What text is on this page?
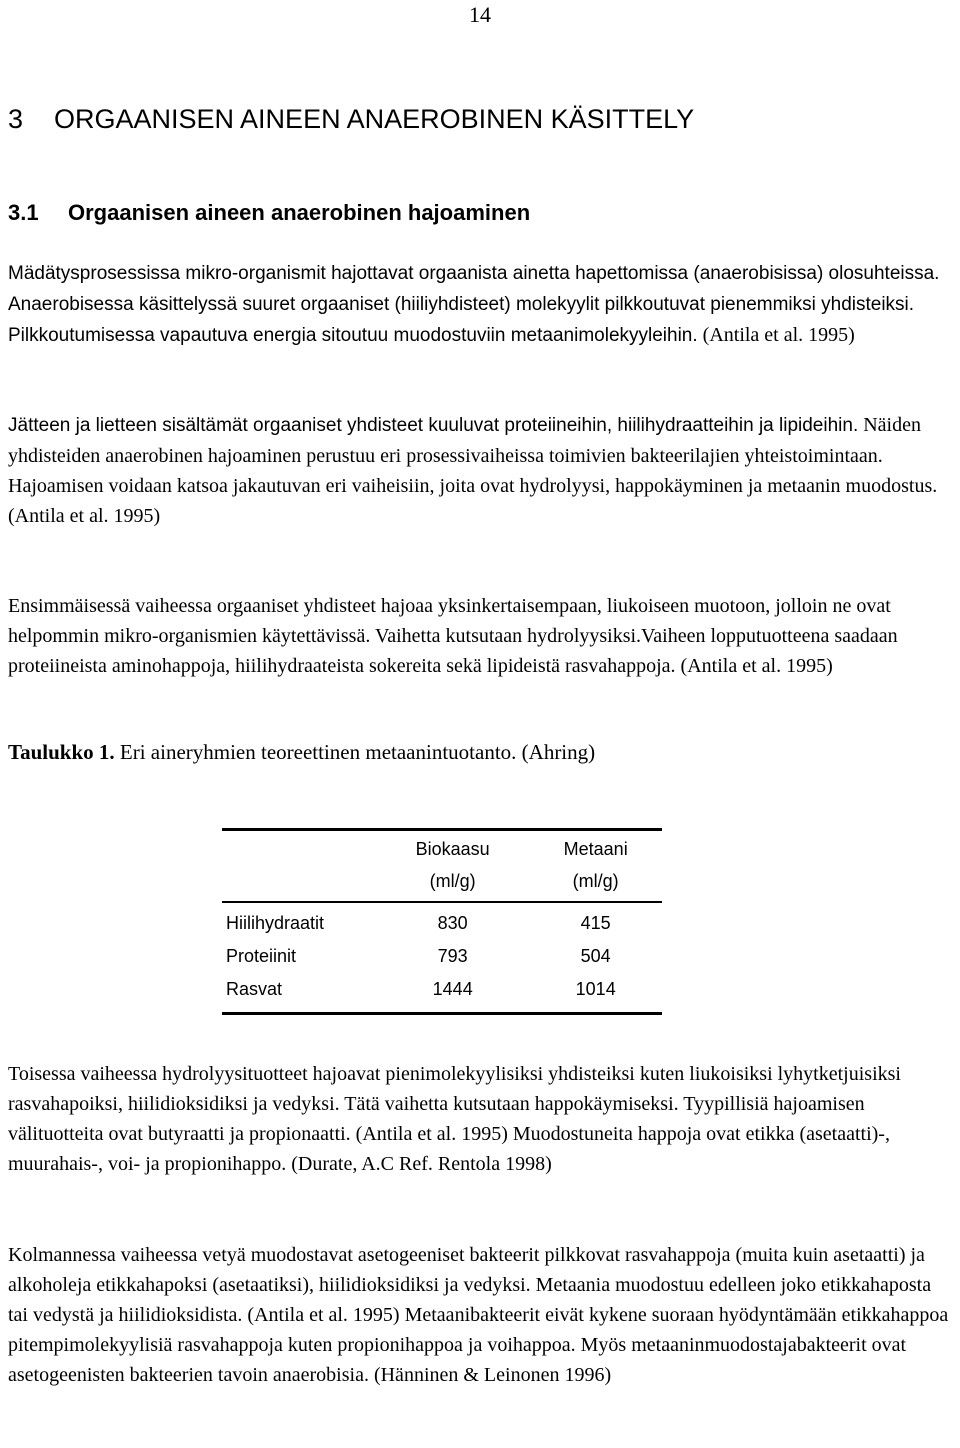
14
3 ORGAANISEN AINEEN ANAEROBINEN KÄSITTELY
3.1 Orgaanisen aineen anaerobinen hajoaminen

Mädätysprosessissa mikro-organismit hajottavat orgaanista ainetta hapettomissa (anaerobisissa) olosuhteissa. Anaerobisessa käsittelyssä suuret orgaaniset (hiiliyhdisteet) molekyylit pilkkoutuvat pienemmiksi yhdisteiksi. Pilkkoutumisessa vapautuva energia sitoutuu muodostuviin metaanimolekyyleihin. (Antila et al. 1995)

Jätteen ja lietteen sisältämät orgaaniset yhdisteet kuuluvat proteiineihin, hiilihydraatteihin ja lipideihin. Näiden yhdisteiden anaerobinen hajoaminen perustuu eri prosessivaiheissa toimivien bakteerilajien yhteistoimintaan. Hajoamisen voidaan katsoa jakautuvan eri vaiheisiin, joita ovat hydrolyysi, happokäyminen ja metaanin muodostus. (Antila et al. 1995)

Ensimmäisessä vaiheessa orgaaniset yhdisteet hajoaa yksinkertaisempaan, liukoiseen muotoon, jolloin ne ovat helpommin mikro-organismien käytettävissä. Vaihetta kutsutaan hydrolyysiksi.Vaiheen lopputuotteena saadaan proteiineista aminohappoja, hiilihydraateista sokereita sekä lipideistä rasvahappoja. (Antila et al. 1995)

Taulukko 1. Eri aineryhmien teoreettinen metaanintuotanto. (Ahring)
	Biokaasu	Metaani
	(ml/g)	(ml/g)
Hiilihydraatit	830	415
Proteiinit	793	504
Rasvat	1444	1014

Toisessa vaiheessa hydrolyysituotteet hajoavat pienimolekyylisiksi yhdisteiksi kuten liukoisiksi lyhytketjuisiksi rasvahapoiksi, hiilidioksidiksi ja vedyksi. Tätä vaihetta kutsutaan happokäymiseksi. Tyypillisiä hajoamisen välituotteita ovat butyraatti ja propionaatti. (Antila et al. 1995) Muodostuneita happoja ovat etikka (asetaatti)-, muurahais-, voi- ja propionihappo. (Durate, A.C Ref. Rentola 1998)

Kolmannessa vaiheessa vetyä muodostavat asetogeeniset bakteerit pilkkovat rasvahappoja (muita kuin asetaatti) ja alkoholeja etikkahapoksi (asetaatiksi), hiilidioksidiksi ja vedyksi. Metaania muodostuu edelleen joko etikkahaposta tai vedystä ja hiilidioksidista. (Antila et al. 1995) Metaanibakteerit eivät kykene suoraan hyödyntämään etikkahappoa pitempimolekyylisiä rasvahappoja kuten propionihappoa ja voihappoa. Myös metaaninmuodostajabakteerit ovat asetogeenisten bakteerien tavoin anaerobisia. (Hänninen & Leinonen 1996)
